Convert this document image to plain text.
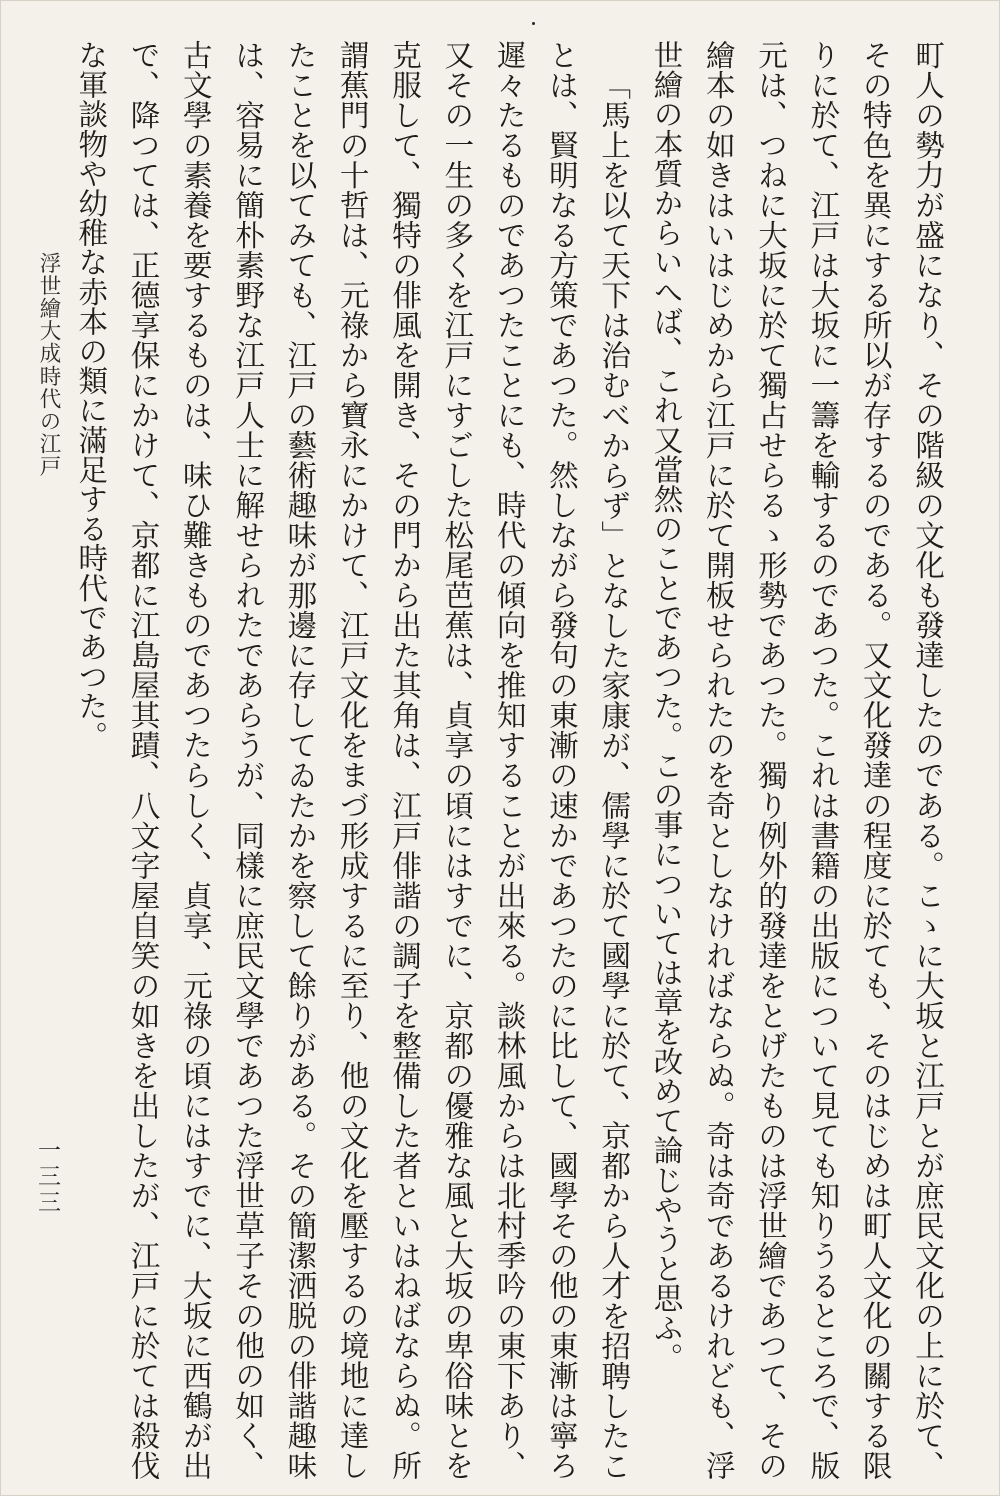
町人の勢力が盛になり、その階級の文化も發達したのである。こゝに大坂と江戸とが庶民文化の上に於て、その特色を異にする所以が存するのである。又文化發達の程度に於ても、そのはじめは町人文化の關する限りに於て、江戸は大坂に一籌を輸するのであつた。これは書籍の出版について見ても知りうるところで、版元は、つねに大坂に於て獨占せらるゝ形勢であつた。獨り例外的發達をとげたものは浮世繪であつて、その繪本の如きはいはじめから江戸に於て開板せられたのを奇としなければならぬ。奇は奇であるけれども、浮世繪の本質からいへば、これ又當然のことであつた。この事については章を改めて論じやうと思ふ。

「馬上を以て天下は治むべからず」となした家康が、儒學に於て國學に於て、京都から人才を招聘したことは、賢明なる方策であつた。然しながら發句の東漸の速かであつたのに比して、國學その他の東漸は寧ろ遲々たるものであつたことにも、時代の傾向を推知することが出來る。談林風からは北村季吟の東下あり、又その一生の多くを江戸にすごした松尾芭蕉は、貞享の頃にはすでに、京都の優雅な風と大坂の卑俗味とを克服して、獨特の俳風を開き、その門から出た其角は、江戸俳諧の調子を整備した者といはねばならぬ。所謂蕉門の十哲は、元祿から寶永にかけて、江戸文化をまづ形成するに至り、他の文化を壓するの境地に達したことを以てみても、江戸の藝術趣味が那邊に存してゐたかを察して餘りがある。その簡潔洒脱の俳諧趣味は、容易に簡朴素野な江戸人士に解せられたであらうが、同樣に庶民文學であつた浮世草子その他の如く、古文學の素養を要するものは、味ひ難きものであつたらしく、貞享、元祿の頃にはすでに、大坂に西鶴が出で、降つては、正德享保にかけて、京都に江島屋其蹟、八文字屋自笑の如きを出したが、江戸に於ては殺伐な軍談物や幼稚な赤本の類に滿足する時代であつた。

浮世繪大成時代の江戸
一三三
